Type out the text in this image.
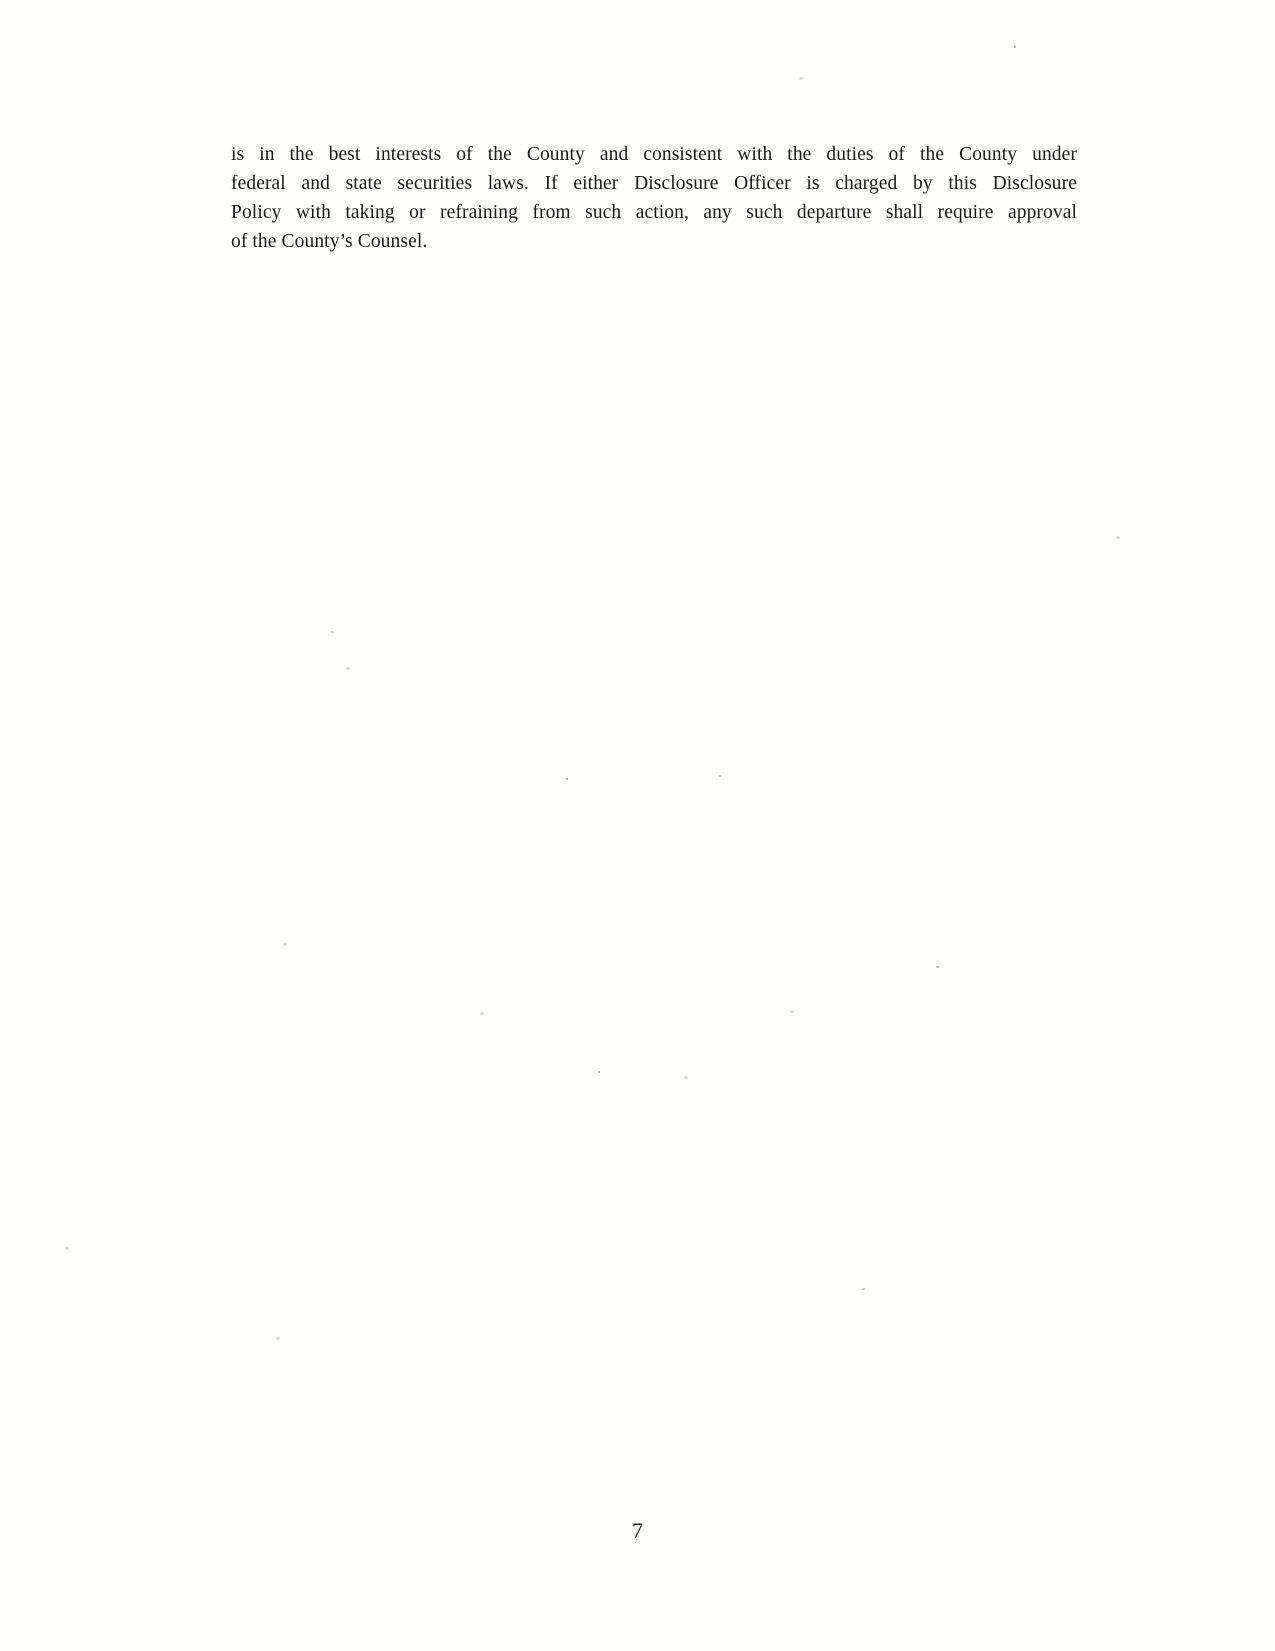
is in the best interests of the County and consistent with the duties of the County under
federal and state securities laws. If either Disclosure Officer is charged by this Disclosure
Policy with taking or refraining from such action, any such departure shall require approval
of the County’s Counsel.
7
